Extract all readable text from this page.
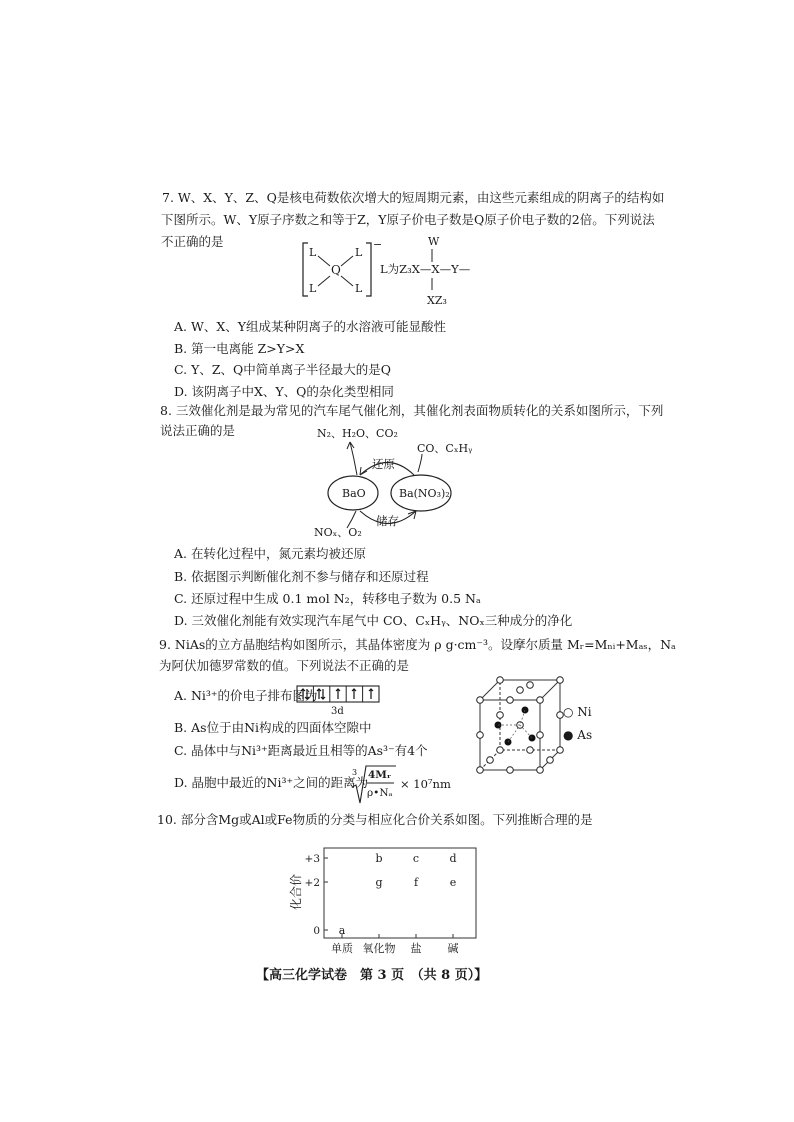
7. W、X、Y、Z、Q是核电荷数依次增大的短周期元素，由这些元素组成的阴离子的结构如
下图所示。W、Y原子序数之和等于Z，Y原子价电子数是Q原子价电子数的2倍。下列说法
不正确的是
L	L
L	L
Q
−
L为Z₃X—X—Y—
W
XZ₃
A. W、X、Y组成某种阴离子的水溶液可能显酸性
B. 第一电离能 Z>Y>X
C. Y、Z、Q中简单离子半径最大的是Q
D. 该阴离子中X、Y、Q的杂化类型相同
8. 三效催化剂是最为常见的汽车尾气催化剂，其催化剂表面物质转化的关系如图所示，下列
说法正确的是	N₂、H₂O、CO₂
CO、CₓHᵧ
还原
BaO	Ba(NO₃)₂
NOₓ、O₂
储存
A. 在转化过程中，氮元素均被还原
B. 依据图示判断催化剂不参与储存和还原过程
C. 还原过程中生成 0.1 mol N₂，转移电子数为 0.5 Nₐ
D. 三效催化剂能有效实现汽车尾气中 CO、CₓHᵧ、NOₓ三种成分的净化
9. NiAs的立方晶胞结构如图所示，其晶体密度为 ρ g·cm⁻³。设摩尔质量 Mᵣ=Mₙᵢ+Mₐₛ，Nₐ
为阿伏加德罗常数的值。下列说法不正确的是
A. Ni³⁺的价电子排布图为
3d
B. As位于由Ni构成的四面体空隙中
C. 晶体中与Ni³⁺距离最近且相等的As³⁻有4个
D. 晶胞中最近的Ni³⁺之间的距离为
3 4Mᵣ
ρ•Nₐ
× 10⁷nm
○ Ni
● As
10. 部分含Mg或Al或Fe物质的分类与相应化合价关系如图。下列推断合理的是
化合价
+3
+2
0
单质 氧化物 盐 碱
a
b
g
c
f
d
e
【高三化学试卷　第 3 页　（共 8 页）】
